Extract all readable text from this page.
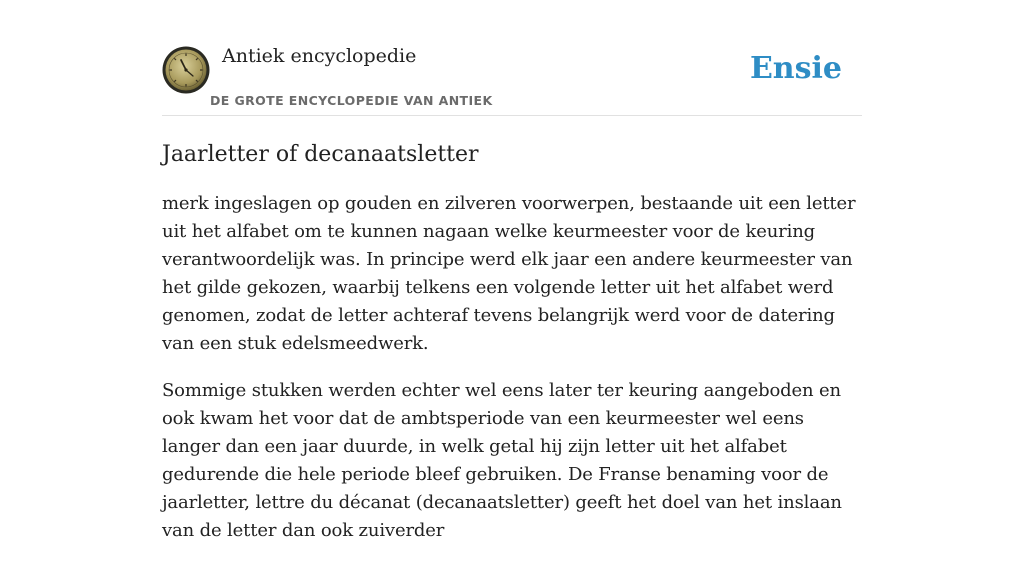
Antiek encyclopedie
DE GROTE ENCYCLOPEDIE VAN ANTIEK
Ensie
Jaarletter of decanaatsletter

merk ingeslagen op gouden en zilveren voorwerpen, bestaande uit een letter uit het alfabet om te kunnen nagaan welke keurmeester voor de keuring verantwoordelijk was. In principe werd elk jaar een andere keurmeester van het gilde gekozen, waarbij telkens een volgende letter uit het alfabet werd genomen, zodat de letter achteraf tevens belangrijk werd voor de datering van een stuk edelsmeedwerk.

Sommige stukken werden echter wel eens later ter keuring aangeboden en ook kwam het voor dat de ambtsperiode van een keurmeester wel eens langer dan een jaar duurde, in welk getal hij zijn letter uit het alfabet gedurende die hele periode bleef gebruiken. De Franse benaming voor de jaarletter, lettre du décanat (decanaatsletter) geeft het doel van het inslaan van de letter dan ook zuiverder
